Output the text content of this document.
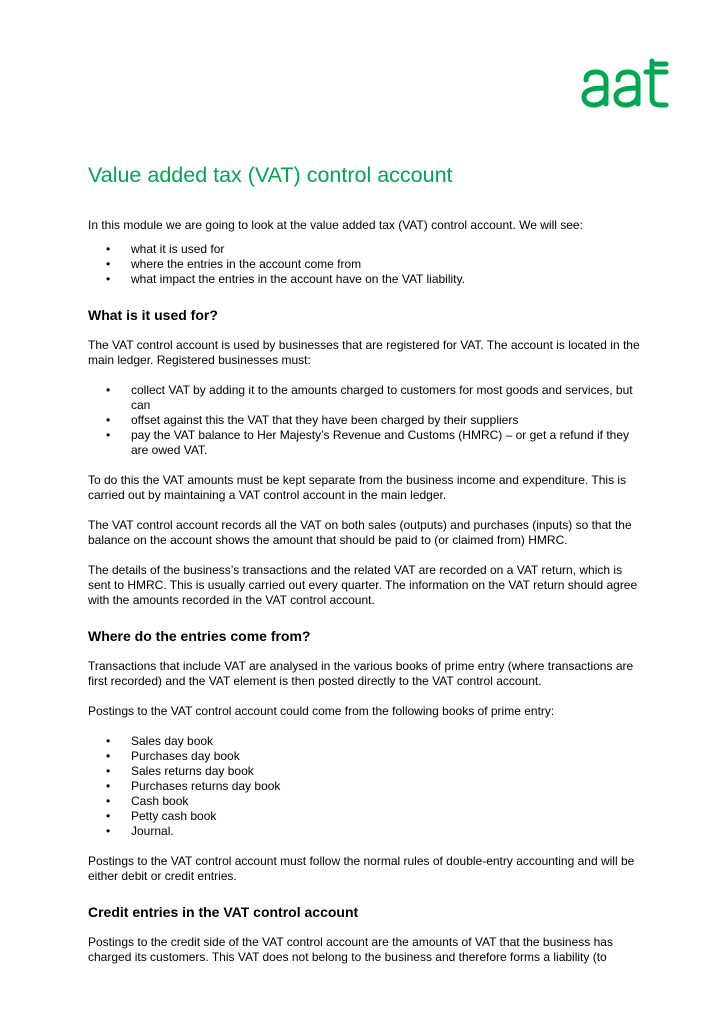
Value added tax (VAT) control account

In this module we are going to look at the value added tax (VAT) control account. We will see:

• what it is used for
• where the entries in the account come from
• what impact the entries in the account have on the VAT liability.
What is it used for?

The VAT control account is used by businesses that are registered for VAT. The account is located in the main ledger. Registered businesses must:

• collect VAT by adding it to the amounts charged to customers for most goods and services, but can
• offset against this the VAT that they have been charged by their suppliers
• pay the VAT balance to Her Majesty’s Revenue and Customs (HMRC) – or get a refund if they are owed VAT.

To do this the VAT amounts must be kept separate from the business income and expenditure. This is carried out by maintaining a VAT control account in the main ledger.

The VAT control account records all the VAT on both sales (outputs) and purchases (inputs) so that the balance on the account shows the amount that should be paid to (or claimed from) HMRC.

The details of the business’s transactions and the related VAT are recorded on a VAT return, which is sent to HMRC. This is usually carried out every quarter. The information on the VAT return should agree with the amounts recorded in the VAT control account.

Where do the entries come from?

Transactions that include VAT are analysed in the various books of prime entry (where transactions are first recorded) and the VAT element is then posted directly to the VAT control account.

Postings to the VAT control account could come from the following books of prime entry:

• Sales day book
• Purchases day book
• Sales returns day book
• Purchases returns day book
• Cash book
• Petty cash book
• Journal.

Postings to the VAT control account must follow the normal rules of double-entry accounting and will be either debit or credit entries.

Credit entries in the VAT control account

Postings to the credit side of the VAT control account are the amounts of VAT that the business has charged its customers. This VAT does not belong to the business and therefore forms a liability (to
